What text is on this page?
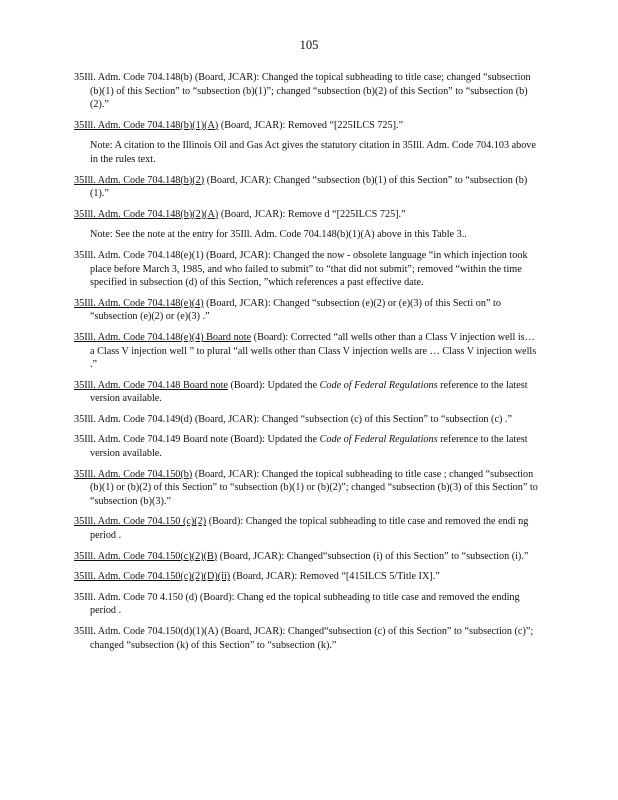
105

35Ill. Adm. Code 704.148(b) (Board, JCAR): Changed the topical subheading to title case; changed “subsection (b)(1) of this Section” to “subsection (b)(1)”; changed “subsection (b)(2) of this Section” to “subsection (b)(2).”

35Ill. Adm. Code 704.148(b)(1)(A) (Board, JCAR): Removed “[225ILCS 725].”

Note: A citation to the Illinois Oil and Gas Act gives the statutory citation in 35Ill. Adm. Code 704.103 above in the rules text.

35Ill. Adm. Code 704.148(b)(2) (Board, JCAR): Changed “subsection (b)(1) of this Section” to “subsection (b)(1).”

35Ill. Adm. Code 704.148(b)(2)(A) (Board, JCAR): Remove d “[225ILCS 725].”

Note: See the note at the entry for 35Ill. Adm. Code 704.148(b)(1)(A) above in this Table 3..

35Ill. Adm. Code 704.148(e)(1) (Board, JCAR): Changed the now - obsolete language “in which injection took place before March 3, 1985, and who failed to submit” to “that did not submit”; removed “within the time specified in subsection (d) of this Section, ”which references a past effective date.

35Ill. Adm. Code 704.148(e)(4) (Board, JCAR): Changed “subsection (e)(2) or (e)(3) of this Secti on” to “subsection (e)(2) or (e)(3) .”

35Ill. Adm. Code 704.148(e)(4) Board note (Board): Corrected “all wells other than a Class V injection well is… a Class V injection well ” to plural “all wells other than Class V injection wells are … Class V injection wells .”

35Ill. Adm. Code 704.148 Board note (Board): Updated the Code of Federal Regulations reference to the latest version available.

35Ill. Adm. Code 704.149(d) (Board, JCAR): Changed “subsection (c) of this Section” to “subsection (c) .”

35Ill. Adm. Code 704.149 Board note (Board): Updated the Code of Federal Regulations reference to the latest version available.

35Ill. Adm. Code 704.150(b) (Board, JCAR): Changed the topical subheading to title case ; changed “subsection (b)(1) or (b)(2) of this Section” to “subsection (b)(1) or (b)(2)”; changed “subsection (b)(3) of this Section” to “subsection (b)(3).”

35Ill. Adm. Code 704.150 (c)(2) (Board): Changed the topical subheading to title case and removed the endi ng period .

35Ill. Adm. Code 704.150(c)(2)(B) (Board, JCAR): Changed“subsection (i) of this Section” to “subsection (i).”

35Ill. Adm. Code 704.150(c)(2)(D)(ii) (Board, JCAR): Removed “[415ILCS 5/Title IX].”

35Ill. Adm. Code 70 4.150 (d) (Board): Chang ed the topical subheading to title case and removed the ending period .

35Ill. Adm. Code 704.150(d)(1)(A) (Board, JCAR): Changed“subsection (c) of this Section” to “subsection (c)”; changed “subsection (k) of this Section” to “subsection (k).”
